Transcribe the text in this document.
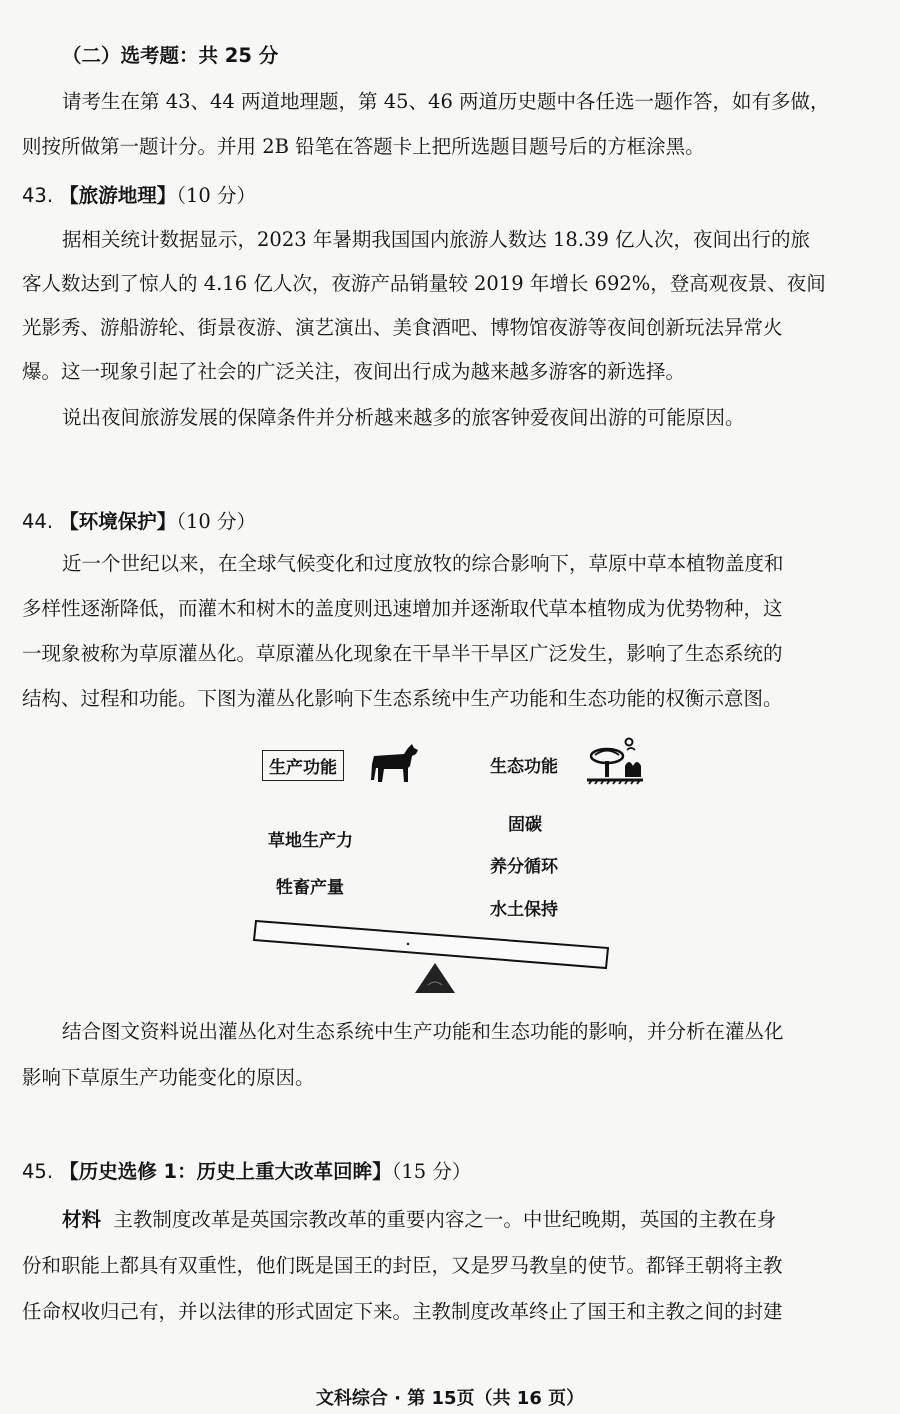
（二）选考题：共 25 分
请考生在第 43、44 两道地理题，第 45、46 两道历史题中各任选一题作答，如有多做，
则按所做第一题计分。并用 2B 铅笔在答题卡上把所选题目题号后的方框涂黑。
43. 【旅游地理】（10 分）
据相关统计数据显示，2023 年暑期我国国内旅游人数达 18.39 亿人次，夜间出行的旅
客人数达到了惊人的 4.16 亿人次，夜游产品销量较 2019 年增长 692%，登高观夜景、夜间
光影秀、游船游轮、街景夜游、演艺演出、美食酒吧、博物馆夜游等夜间创新玩法异常火
爆。这一现象引起了社会的广泛关注，夜间出行成为越来越多游客的新选择。
说出夜间旅游发展的保障条件并分析越来越多的旅客钟爱夜间出游的可能原因。
44. 【环境保护】（10 分）
近一个世纪以来，在全球气候变化和过度放牧的综合影响下，草原中草本植物盖度和
多样性逐渐降低，而灌木和树木的盖度则迅速增加并逐渐取代草本植物成为优势物种，这
一现象被称为草原灌丛化。草原灌丛化现象在干旱半干旱区广泛发生，影响了生态系统的
结构、过程和功能。下图为灌丛化影响下生态系统中生产功能和生态功能的权衡示意图。
生产功能	生态功能
草地生产力
牲畜产量
固碳
养分循环
水土保持
结合图文资料说出灌丛化对生态系统中生产功能和生态功能的影响，并分析在灌丛化
影响下草原生产功能变化的原因。
45. 【历史选修 1：历史上重大改革回眸】（15 分）
材料 主教制度改革是英国宗教改革的重要内容之一。中世纪晚期，英国的主教在身
份和职能上都具有双重性，他们既是国王的封臣，又是罗马教皇的使节。都铎王朝将主教
任命权收归己有，并以法律的形式固定下来。主教制度改革终止了国王和主教之间的封建
文科综合 · 第 15页（共 16 页）
